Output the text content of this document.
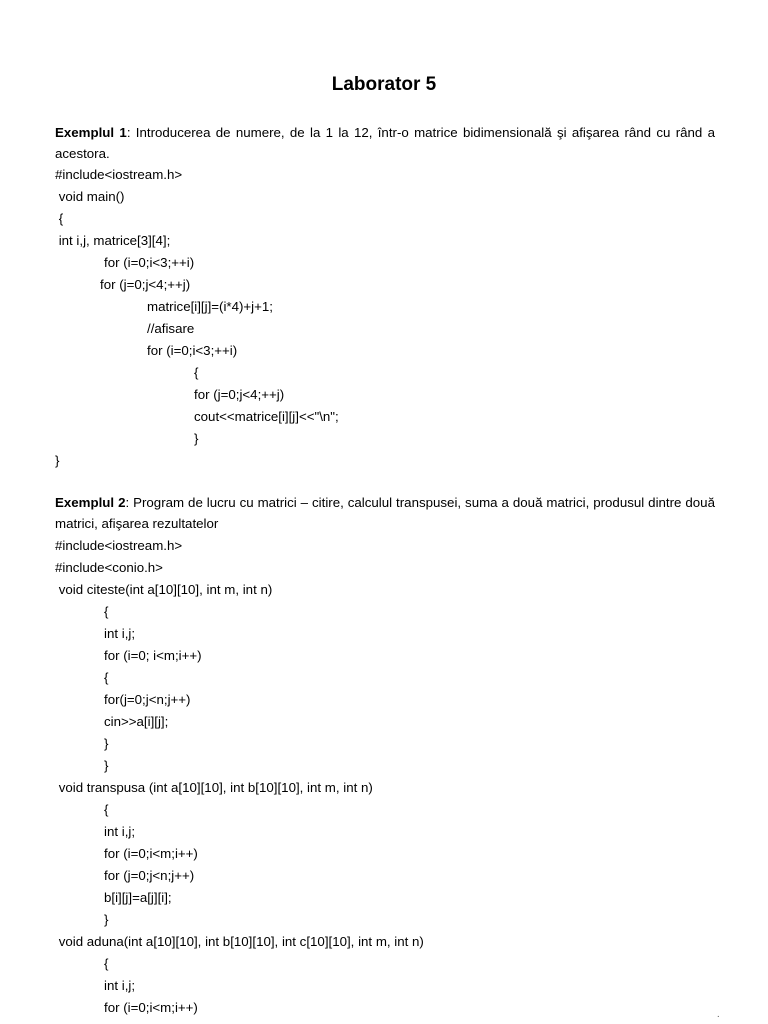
Laborator 5
Exemplul 1: Introducerea de numere, de la 1 la 12, într-o matrice bidimensională şi afişarea rând cu rând a acestora.
#include<iostream.h>
void main()
{
int i,j, matrice[3][4];
for (i=0;i<3;++i)
for (j=0;j<4;++j)
matrice[i][j]=(i*4)+j+1;
//afisare
for (i=0;i<3;++i)
{
for (j=0;j<4;++j)
cout<<matrice[i][j]<<"\n";
}
}
Exemplul 2: Program de lucru cu matrici – citire, calculul transpusei, suma a două matrici, produsul dintre două matrici, afişarea rezultatelor
#include<iostream.h>
#include<conio.h>
void citeste(int a[10][10], int m, int n)
{
int i,j;
for (i=0; i<m;i++)
{
for(j=0;j<n;j++)
cin>>a[i][j];
}
}
void transpusa (int a[10][10], int b[10][10], int m, int n)
{
int i,j;
for (i=0;i<m;i++)
for (j=0;j<n;j++)
b[i][j]=a[j][i];
}
void aduna(int a[10][10], int b[10][10], int c[10][10], int m, int n)
{
int i,j;
for (i=0;i<m;i++)
·
